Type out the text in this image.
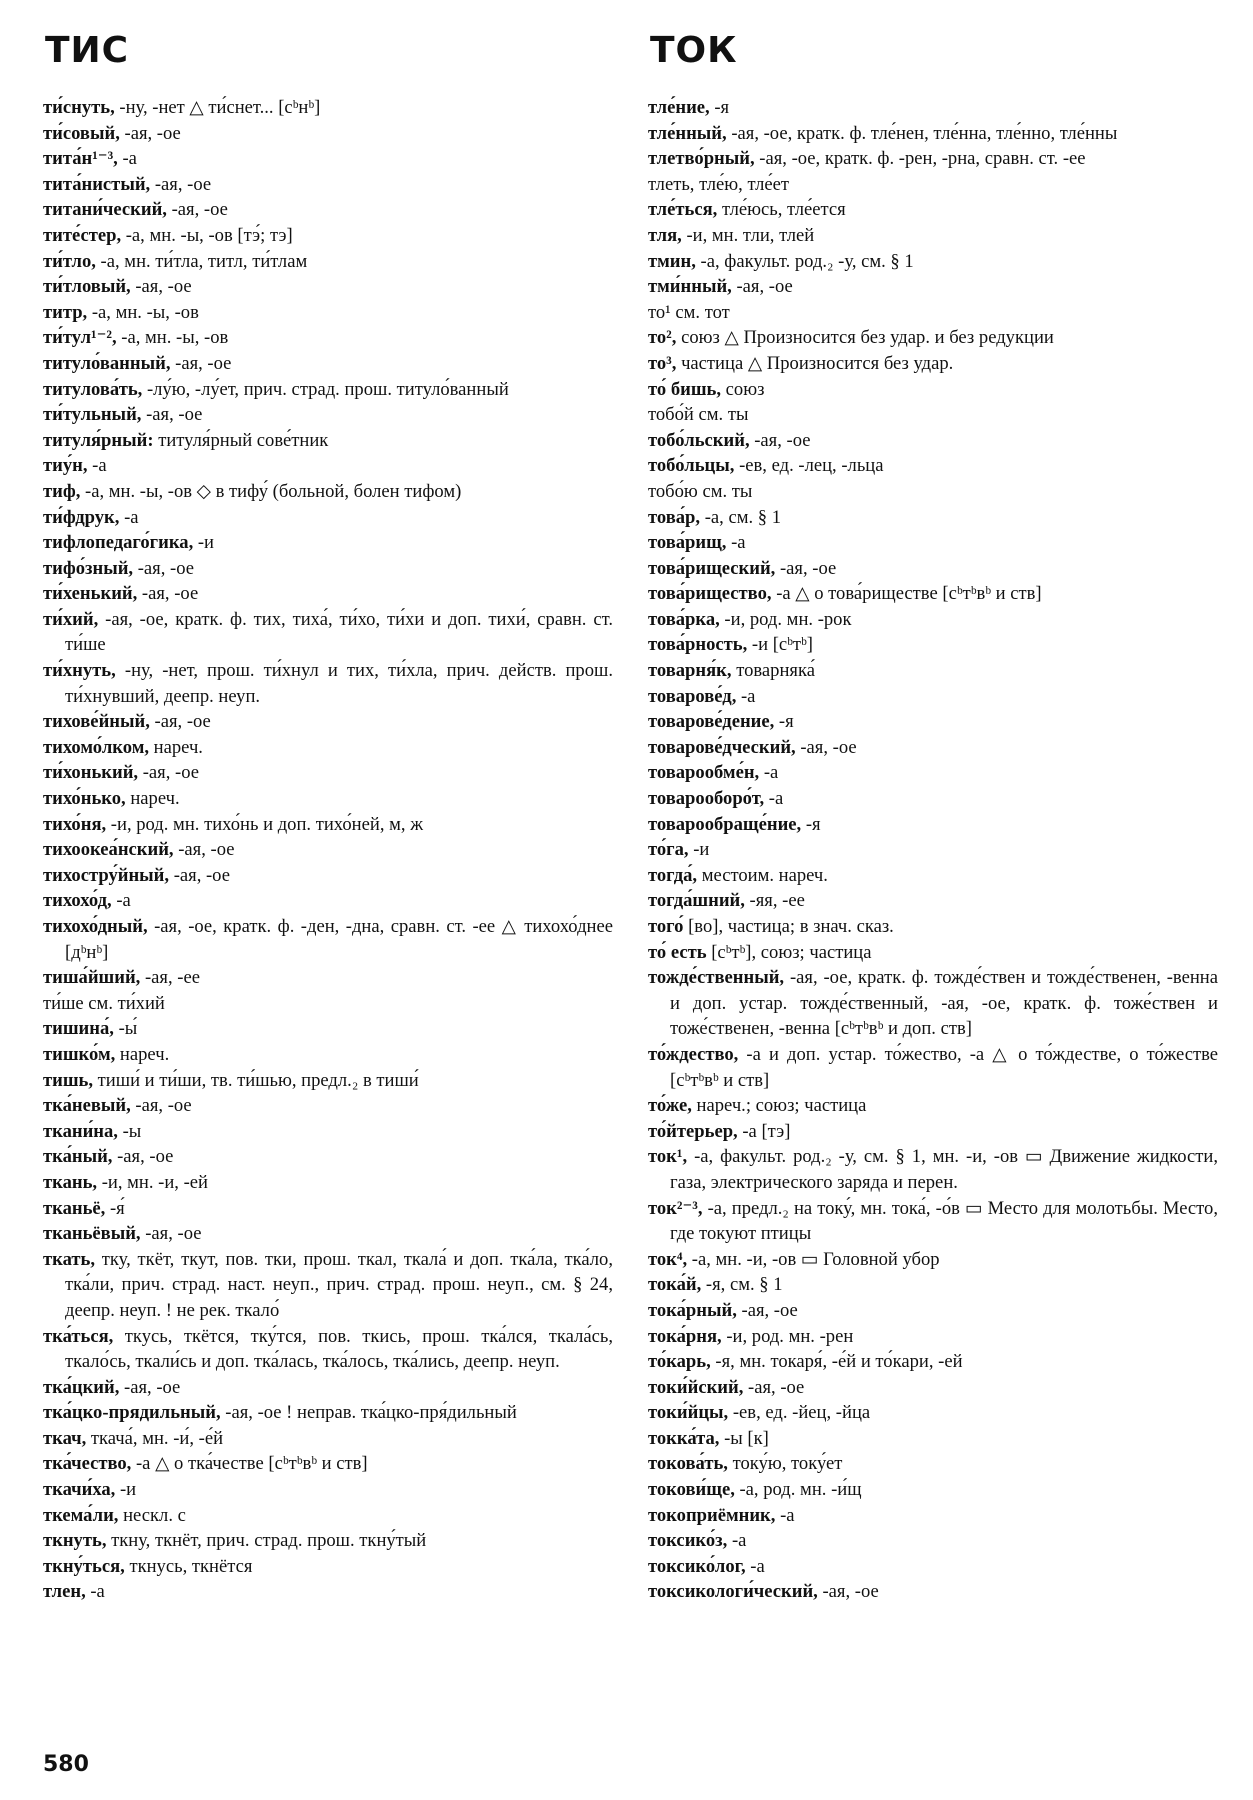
ТИС	ТОК
ти́снуть, -ну, -нет △ ти́снет... [сᵇнᵇ]
ти́совый, -ая, -ое
тита́н¹⁻³, -а
тита́нистый, -ая, -ое
титани́ческий, -ая, -ое
тите́стер, -а, мн. -ы, -ов [тэ́; тэ]
ти́тло, -а, мн. ти́тла, титл, ти́тлам
ти́тловый, -ая, -ое
титр, -а, мн. -ы, -ов
ти́тул¹⁻², -а, мн. -ы, -ов
титуло́ванный, -ая, -ое
титулова́ть, -лу́ю, -лу́ет, прич. страд. прош. титуло́ванный
ти́тульный, -ая, -ое
титуля́рный: титуля́рный сове́тник
тиу́н, -а
тиф, -а, мн. -ы, -ов ◇ в тифу́ (больной, болен тифом)
ти́фдрук, -а
тифлопедаго́гика, -и
тифо́зный, -ая, -ое
ти́хенький, -ая, -ое
ти́хий, -ая, -ое, кратк. ф. тих, тиха́, ти́хо, ти́хи и доп. тихи́, сравн. ст. ти́ше
ти́хнуть, -ну, -нет, прош. ти́хнул и тих, ти́хла, прич. действ. прош. ти́хнувший, деепр. неуп.
тихове́йный, -ая, -ое
тихомо́лком, нареч.
ти́хонький, -ая, -ое
тихо́нько, нареч.
тихо́ня, -и, род. мн. тихо́нь и доп. тихо́ней, м, ж
тихоокеа́нский, -ая, -ое
тихостру́йный, -ая, -ое
тихохо́д, -а
тихохо́дный, -ая, -ое, кратк. ф. -ден, -дна, сравн. ст. -ее △ тихохо́днее [дᵇнᵇ]
тиша́йший, -ая, -ее
ти́ше см. ти́хий
тишина́, -ы́
тишко́м, нареч.
тишь, тиши́ и ти́ши, тв. ти́шью, предл.₂ в тиши́
тка́невый, -ая, -ое
ткани́на, -ы
тка́ный, -ая, -ое
ткань, -и, мн. -и, -ей
тканьё, -я́
тканьёвый, -ая, -ое
ткать, тку, ткёт, ткут, пов. тки, прош. ткал, ткала́ и доп. тка́ла, тка́ло, тка́ли, прич. страд. наст. неуп., прич. страд. прош. неуп., см. § 24, деепр. неуп. ! не рек. ткало́
тка́ться, ткусь, ткётся, тку́тся, пов. ткись, прош. тка́лся, ткала́сь, ткало́сь, ткали́сь и доп. тка́лась, тка́лось, тка́лись, деепр. неуп.
тка́цкий, -ая, -ое
тка́цко-прядильный, -ая, -ое ! неправ. тка́цко-пря́дильный
ткач, ткача́, мн. -и́, -е́й
тка́чество, -а △ о тка́честве [сᵇтᵇвᵇ и ств]
ткачи́ха, -и
ткема́ли, нескл. с
ткнуть, ткну, ткнёт, прич. страд. прош. ткну́тый
ткну́ться, ткнусь, ткнётся
тлен, -а
тле́ние, -я
тле́нный, -ая, -ое, кратк. ф. тле́нен, тле́нна, тле́нно, тле́нны
тлетво́рный, -ая, -ое, кратк. ф. -рен, -рна, сравн. ст. -ее
тлеть, тле́ю, тле́ет
тле́ться, тле́юсь, тле́ется
тля, -и, мн. тли, тлей
тмин, -а, факульт. род.₂ -у, см. § 1
тми́нный, -ая, -ое
то¹ см. тот
то², союз △ Произносится без удар. и без редукции
то³, частица △ Произносится без удар.
то́ бишь, союз
тобо́й см. ты
тобо́льский, -ая, -ое
тобо́льцы, -ев, ед. -лец, -льца
тобо́ю см. ты
това́р, -а, см. § 1
това́рищ, -а
това́рищеский, -ая, -ое
това́рищество, -а △ о това́риществе [сᵇтᵇвᵇ и ств]
това́рка, -и, род. мн. -рок
това́рность, -и [сᵇтᵇ]
товарня́к, товарняка́
товарове́д, -а
товарове́дение, -я
товарове́дческий, -ая, -ое
товарообме́н, -а
товарооборо́т, -а
товарообраще́ние, -я
то́га, -и
тогда́, местоим. нареч.
тогда́шний, -яя, -ее
того́ [во], частица; в знач. сказ.
то́ есть [сᵇтᵇ], союз; частица
тожде́ственный, -ая, -ое, кратк. ф. тожде́ствен и тожде́ственен, -венна и доп. устар. тожде́ственный, -ая, -ое, кратк. ф. тоже́ствен и тоже́ственен, -венна [сᵇтᵇвᵇ и доп. ств]
то́ждество, -а и доп. устар. то́жество, -а △ о то́ждестве, о то́жестве [сᵇтᵇвᵇ и ств]
то́же, нареч.; союз; частица
то́йтерьер, -а [тэ]
ток¹, -а, факульт. род.₂ -у, см. § 1, мн. -и, -ов ▭ Движение жидкости, газа, электрического заряда и перен.
ток²⁻³, -а, предл.₂ на току́, мн. тока́, -о́в ▭ Место для молотьбы. Место, где токуют птицы
ток⁴, -а, мн. -и, -ов ▭ Головной убор
тока́й, -я, см. § 1
тока́рный, -ая, -ое
тока́рня, -и, род. мн. -рен
то́карь, -я, мн. токаря́, -е́й и то́кари, -ей
токи́йский, -ая, -ое
токи́йцы, -ев, ед. -йец, -йца
токка́та, -ы [к]
токова́ть, току́ю, току́ет
токови́ще, -а, род. мн. -и́щ
токоприёмник, -а
токсико́з, -а
токсико́лог, -а
токсикологи́ческий, -ая, -ое
580
